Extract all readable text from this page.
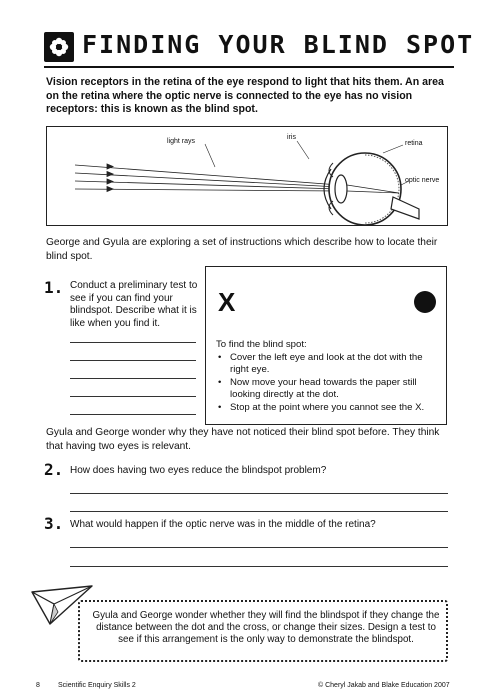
FINDING YOUR BLIND SPOT
Vision receptors in the retina of the eye respond to light that hits them. An area on the retina where the optic nerve is connected to the eye has no vision receptors: this is known as the blind spot.
light rays
iris
retina
optic nerve
George and Gyula are exploring a set of instructions which describe how to locate their blind spot.
1. Conduct a preliminary test to see if you can find your blindspot. Describe what it is like when you find it.
X
To find the blind spot:
• Cover the left eye and look at the dot with the right eye.
• Now move your head towards the paper still looking directly at the dot.
• Stop at the point where you cannot see the X.
Gyula and George wonder why they have not noticed their blind spot before. They think that having two eyes is relevant.
2. How does having two eyes reduce the blindspot problem?
3. What would happen if the optic nerve was in the middle of the retina?
Gyula and George wonder whether they will find the blindspot if they change the distance between the dot and the cross, or change their sizes. Design a test to see if this arrangement is the only way to demonstrate the blindspot.
8	Scientific Enquiry Skills 2	© Cheryl Jakab and Blake Education 2007
